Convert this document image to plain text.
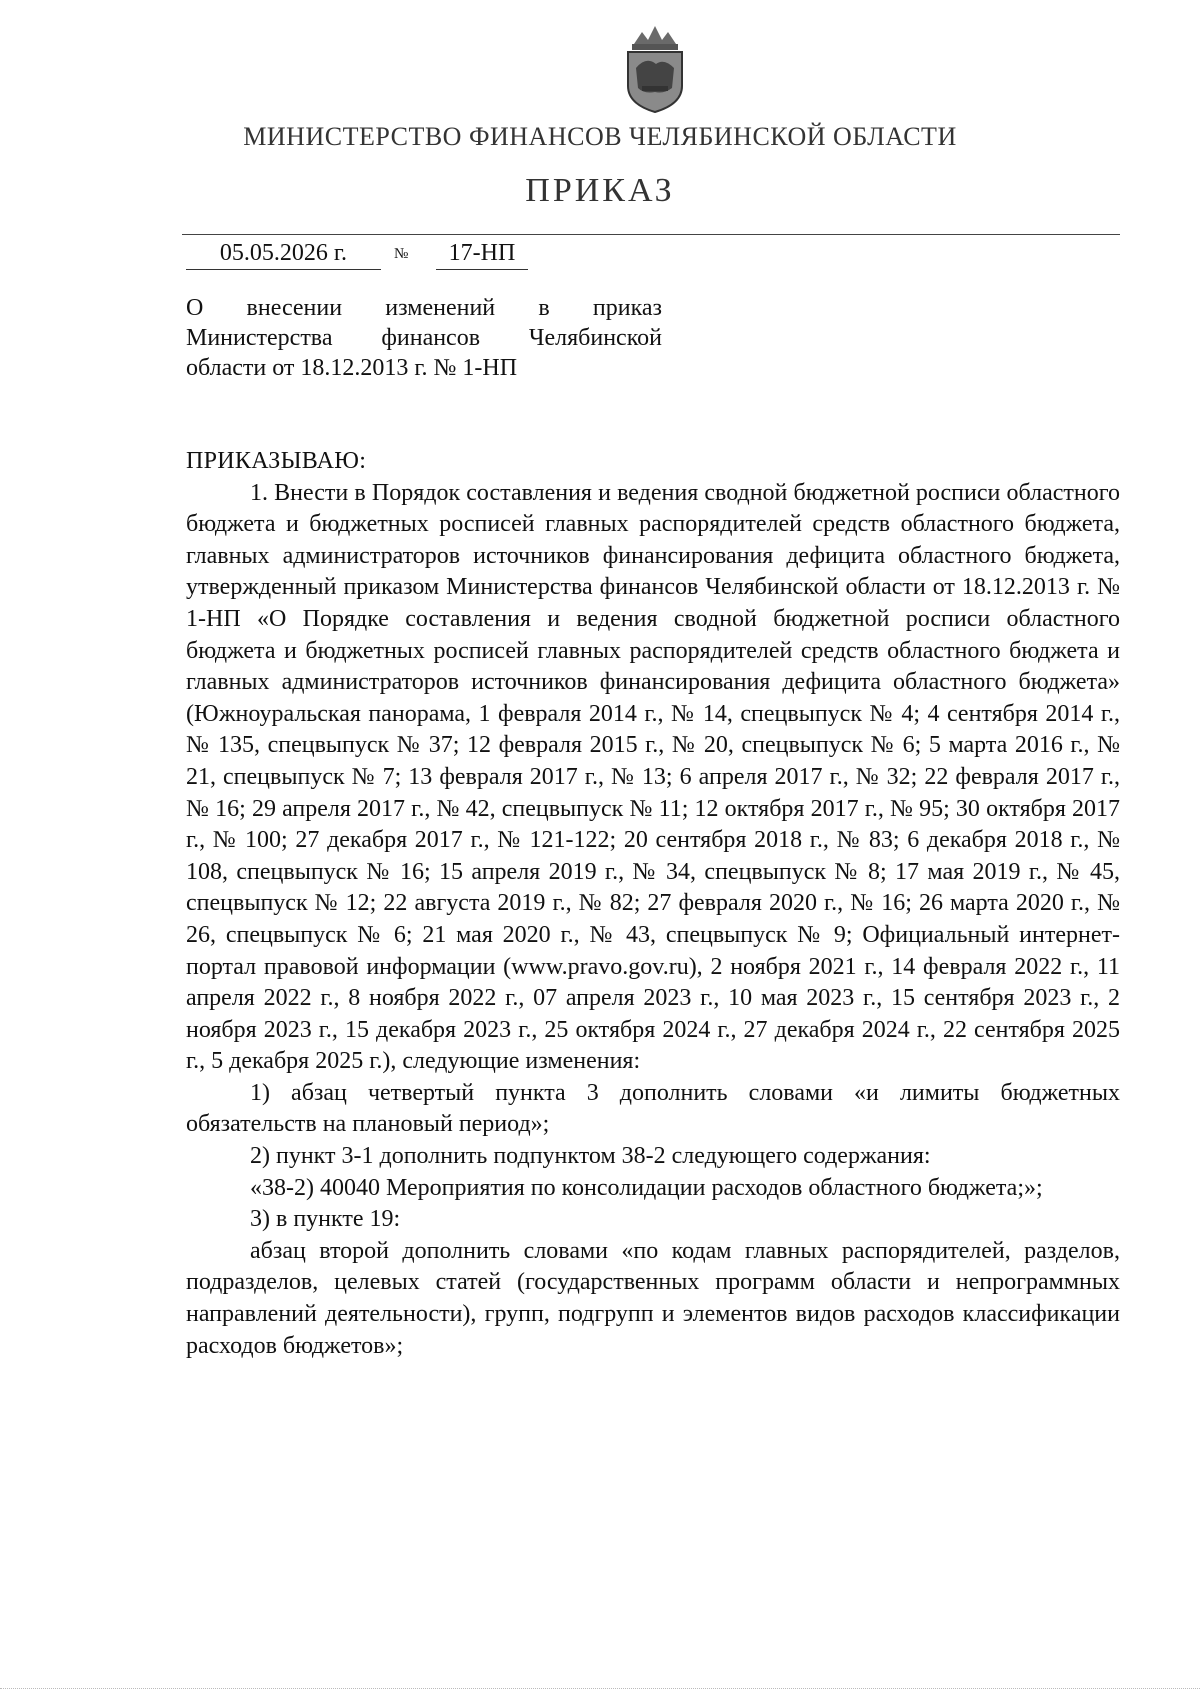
МИНИСТЕРСТВО ФИНАНСОВ ЧЕЛЯБИНСКОЙ ОБЛАСТИ
ПРИКАЗ
05.05.2026 г.	№	17-НП

О внесении изменений в приказ

Министерства финансов Челябинской

области от 18.12.2013 г. № 1-НП

ПРИКАЗЫВАЮ:

1. Внести в Порядок составления и ведения сводной бюджетной росписи областного бюджета и бюджетных росписей главных распорядителей средств областного бюджета, главных администраторов источников финансирования дефицита областного бюджета, утвержденный приказом Министерства финансов Челябинской области от 18.12.2013 г. № 1-НП «О Порядке составления и ведения сводной бюджетной росписи областного бюджета и бюджетных росписей главных распорядителей средств областного бюджета и главных администраторов источников финансирования дефицита областного бюджета» (Южноуральская панорама, 1 февраля 2014 г., № 14, спецвыпуск № 4; 4 сентября 2014 г., № 135, спецвыпуск № 37; 12 февраля 2015 г., № 20, спецвыпуск № 6; 5 марта 2016 г., № 21, спецвыпуск № 7; 13 февраля 2017 г., № 13; 6 апреля 2017 г., № 32; 22 февраля 2017 г., № 16; 29 апреля 2017 г., № 42, спецвыпуск № 11; 12 октября 2017 г., № 95; 30 октября 2017 г., № 100; 27 декабря 2017 г., № 121-122; 20 сентября 2018 г., № 83; 6 декабря 2018 г., № 108, спецвыпуск № 16; 15 апреля 2019 г., № 34, спецвыпуск № 8; 17 мая 2019 г., № 45, спецвыпуск № 12; 22 августа 2019 г., № 82; 27 февраля 2020 г., № 16; 26 марта 2020 г., № 26, спецвыпуск № 6; 21 мая 2020 г., № 43, спецвыпуск № 9; Официальный интернет-портал правовой информации (www.pravo.gov.ru), 2 ноября 2021 г., 14 февраля 2022 г., 11 апреля 2022 г., 8 ноября 2022 г., 07 апреля 2023 г., 10 мая 2023 г., 15 сентября 2023 г., 2 ноября 2023 г., 15 декабря 2023 г., 25 октября 2024 г., 27 декабря 2024 г., 22 сентября 2025 г., 5 декабря 2025 г.), следующие изменения:

1) абзац четвертый пункта 3 дополнить словами «и лимиты бюджетных обязательств на плановый период»;

2) пункт 3-1 дополнить подпунктом 38-2 следующего содержания:

«38-2) 40040 Мероприятия по консолидации расходов областного бюджета;»;

3) в пункте 19:

абзац второй дополнить словами «по кодам главных распорядителей, разделов, подразделов, целевых статей (государственных программ области и непрограммных направлений деятельности), групп, подгрупп и элементов видов расходов классификации расходов бюджетов»;
